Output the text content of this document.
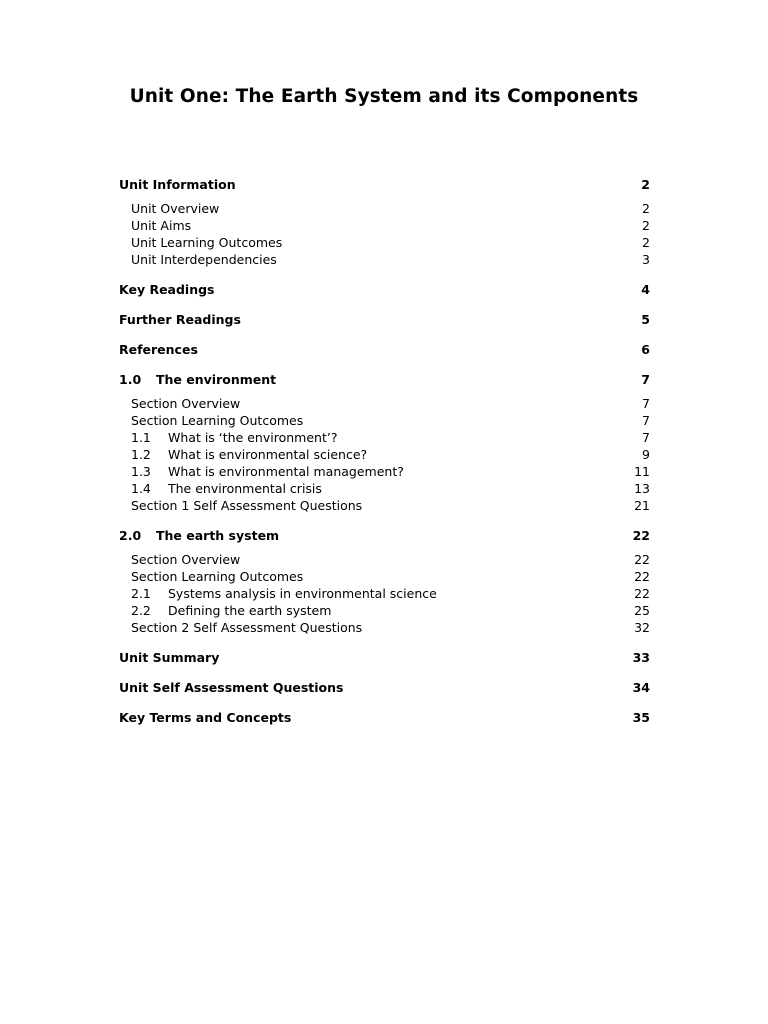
Unit One: The Earth System and its Components
Unit Information	2
Unit Overview	2
Unit Aims	2
Unit Learning Outcomes	2
Unit Interdependencies	3
Key Readings	4
Further Readings	5
References	6
1.0 The environment	7
Section Overview	7
Section Learning Outcomes	7
1.1 What is ‘the environment’?	7
1.2 What is environmental science?	9
1.3 What is environmental management?	11
1.4 The environmental crisis	13
Section 1 Self Assessment Questions	21
2.0 The earth system	22
Section Overview	22
Section Learning Outcomes	22
2.1 Systems analysis in environmental science	22
2.2 Defining the earth system	25
Section 2 Self Assessment Questions	32
Unit Summary	33
Unit Self Assessment Questions	34
Key Terms and Concepts	35
